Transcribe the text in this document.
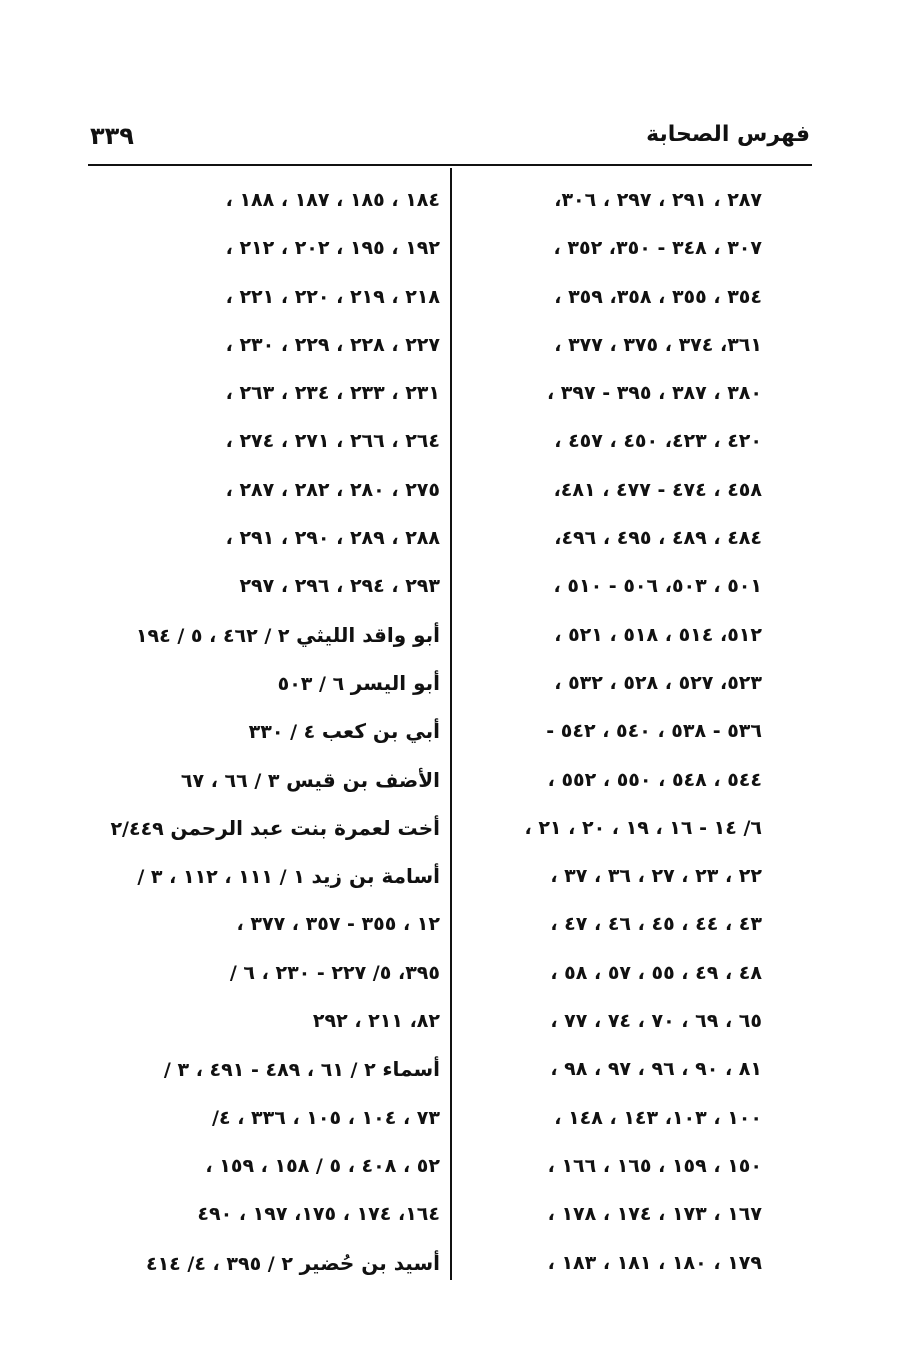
٣٣٩	فهرس الصحابة
٢٨٧ ، ٢٩١ ، ٢٩٧ ، ٣٠٦،
٣٠٧ ، ٣٤٨ - ٣٥٠، ٣٥٢ ،
٣٥٤ ، ٣٥٥ ، ٣٥٨، ٣٥٩ ،
٣٦١، ٣٧٤ ، ٣٧٥ ، ٣٧٧ ،
٣٨٠ ، ٣٨٧ ، ٣٩٥ - ٣٩٧ ،
٤٢٠ ، ٤٢٣، ٤٥٠ ، ٤٥٧ ،
٤٥٨ ، ٤٧٤ - ٤٧٧ ، ٤٨١،
٤٨٤ ، ٤٨٩ ، ٤٩٥ ، ٤٩٦،
٥٠١ ، ٥٠٣، ٥٠٦ - ٥١٠ ،
٥١٢، ٥١٤ ، ٥١٨ ، ٥٢١ ،
٥٢٣، ٥٢٧ ، ٥٢٨ ، ٥٣٢ ،
٥٣٦ - ٥٣٨ ، ٥٤٠ ، ٥٤٢ -
٥٤٤ ، ٥٤٨ ، ٥٥٠ ، ٥٥٢ ،
٦/ ١٤ - ١٦ ، ١٩ ، ٢٠ ، ٢١ ،
٢٢ ، ٢٣ ، ٢٧ ، ٣٦ ، ٣٧ ،
٤٣ ، ٤٤ ، ٤٥ ، ٤٦ ، ٤٧ ،
٤٨ ، ٤٩ ، ٥٥ ، ٥٧ ، ٥٨ ،
٦٥ ، ٦٩ ، ٧٠ ، ٧٤ ، ٧٧ ،
٨١ ، ٩٠ ، ٩٦ ، ٩٧ ، ٩٨ ،
١٠٠ ، ١٠٣، ١٤٣ ، ١٤٨ ،
١٥٠ ، ١٥٩ ، ١٦٥ ، ١٦٦ ،
١٦٧ ، ١٧٣ ، ١٧٤ ، ١٧٨ ،
١٧٩ ، ١٨٠ ، ١٨١ ، ١٨٣ ،
١٨٤ ، ١٨٥ ، ١٨٧ ، ١٨٨ ،
١٩٢ ، ١٩٥ ، ٢٠٢ ، ٢١٢ ،
٢١٨ ، ٢١٩ ، ٢٢٠ ، ٢٢١ ،
٢٢٧ ، ٢٢٨ ، ٢٢٩ ، ٢٣٠ ،
٢٣١ ، ٢٣٣ ، ٢٣٤ ، ٢٦٣ ،
٢٦٤ ، ٢٦٦ ، ٢٧١ ، ٢٧٤ ،
٢٧٥ ، ٢٨٠ ، ٢٨٢ ، ٢٨٧ ،
٢٨٨ ، ٢٨٩ ، ٢٩٠ ، ٢٩١ ،
٢٩٣ ، ٢٩٤ ، ٢٩٦ ، ٢٩٧
أبو واقد الليثي ٢ / ٤٦٢ ، ٥ / ١٩٤
أبو اليسر ٦ / ٥٠٣
أبي بن كعب ٤ / ٣٣٠
الأضف بن قيس ٣ / ٦٦ ، ٦٧
أخت لعمرة بنت عبد الرحمن ٢/٤٤٩
أسامة بن زيد ١ / ١١١ ، ١١٢ ، ٣ /
١٢ ، ٣٥٥ - ٣٥٧ ، ٣٧٧ ،
٣٩٥، ٥/ ٢٢٧ - ٢٣٠ ، ٦ /
٨٢، ٢١١ ، ٢٩٢
أسماء ٢ / ٦١ ، ٤٨٩ - ٤٩١ ، ٣ /
٧٣ ، ١٠٤ ، ١٠٥ ، ٣٣٦ ، ٤/
٥٢ ، ٤٠٨ ، ٥ / ١٥٨ ، ١٥٩ ،
١٦٤، ١٧٤ ، ١٧٥، ١٩٧ ، ٤٩٠
أسيد بن حُضير ٢ / ٣٩٥ ، ٤/ ٤١٤
